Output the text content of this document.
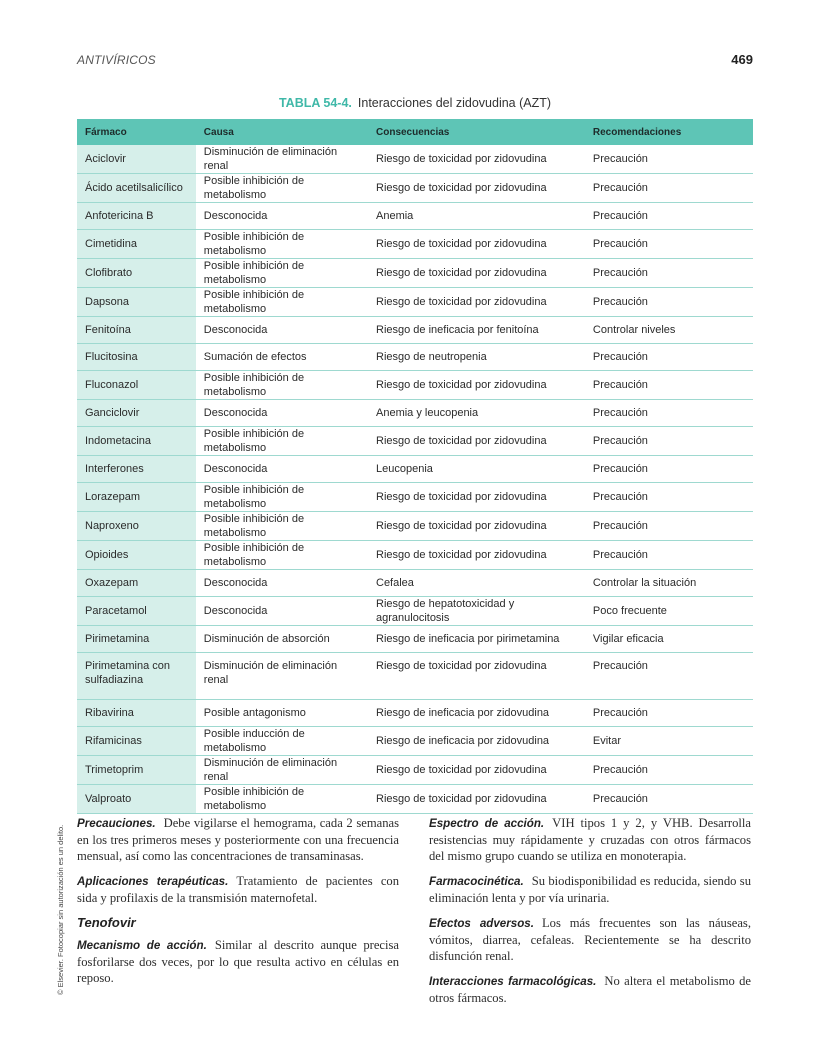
ANTIVÍRICOS	469
TABLA 54-4. Interacciones del zidovudina (AZT)
Fármaco	Causa	Consecuencias	Recomendaciones
Aciclovir	Disminución de eliminación renal	Riesgo de toxicidad por zidovudina	Precaución
Ácido acetilsalicílico	Posible inhibición de metabolismo	Riesgo de toxicidad por zidovudina	Precaución
Anfotericina B	Desconocida	Anemia	Precaución
Cimetidina	Posible inhibición de metabolismo	Riesgo de toxicidad por zidovudina	Precaución
Clofibrato	Posible inhibición de metabolismo	Riesgo de toxicidad por zidovudina	Precaución
Dapsona	Posible inhibición de metabolismo	Riesgo de toxicidad por zidovudina	Precaución
Fenitoína	Desconocida	Riesgo de ineficacia por fenitoína	Controlar niveles
Flucitosina	Sumación de efectos	Riesgo de neutropenia	Precaución
Fluconazol	Posible inhibición de metabolismo	Riesgo de toxicidad por zidovudina	Precaución
Ganciclovir	Desconocida	Anemia y leucopenia	Precaución
Indometacina	Posible inhibición de metabolismo	Riesgo de toxicidad por zidovudina	Precaución
Interferones	Desconocida	Leucopenia	Precaución
Lorazepam	Posible inhibición de metabolismo	Riesgo de toxicidad por zidovudina	Precaución
Naproxeno	Posible inhibición de metabolismo	Riesgo de toxicidad por zidovudina	Precaución
Opioides	Posible inhibición de metabolismo	Riesgo de toxicidad por zidovudina	Precaución
Oxazepam	Desconocida	Cefalea	Controlar la situación
Paracetamol	Desconocida	Riesgo de hepatotoxicidad y agranulocitosis	Poco frecuente
Pirimetamina	Disminución de absorción	Riesgo de ineficacia por pirimetamina	Vigilar eficacia
Pirimetamina con sulfadiazina	Disminución de eliminación renal	Riesgo de toxicidad por zidovudina	Precaución
Ribavirina	Posible antagonismo	Riesgo de ineficacia por zidovudina	Precaución
Rifamicinas	Posible inducción de metabolismo	Riesgo de ineficacia por zidovudina	Evitar
Trimetoprim	Disminución de eliminación renal	Riesgo de toxicidad por zidovudina	Precaución
Valproato	Posible inhibición de metabolismo	Riesgo de toxicidad por zidovudina	Precaución

Precauciones. Debe vigilarse el hemograma, cada 2 semanas en los tres primeros meses y posteriormente con una frecuencia mensual, así como las concentraciones de transaminasas.

Aplicaciones terapéuticas. Tratamiento de pacientes con sida y profilaxis de la transmisión maternofetal.

Tenofovir

Mecanismo de acción. Similar al descrito aunque precisa fosforilarse dos veces, por lo que resulta activo en células en reposo.

Espectro de acción. VIH tipos 1 y 2, y VHB. Desarrolla resistencias muy rápidamente y cruzadas con otros fármacos del mismo grupo cuando se utiliza en monoterapia.

Farmacocinética. Su biodisponibilidad es reducida, siendo su eliminación lenta y por vía urinaria.

Efectos adversos. Los más frecuentes son las náuseas, vómitos, diarrea, cefaleas. Recientemente se ha descrito disfunción renal.

Interacciones farmacológicas. No altera el metabolismo de otros fármacos.

© Elsevier. Fotocopiar sin autorización es un delito.
